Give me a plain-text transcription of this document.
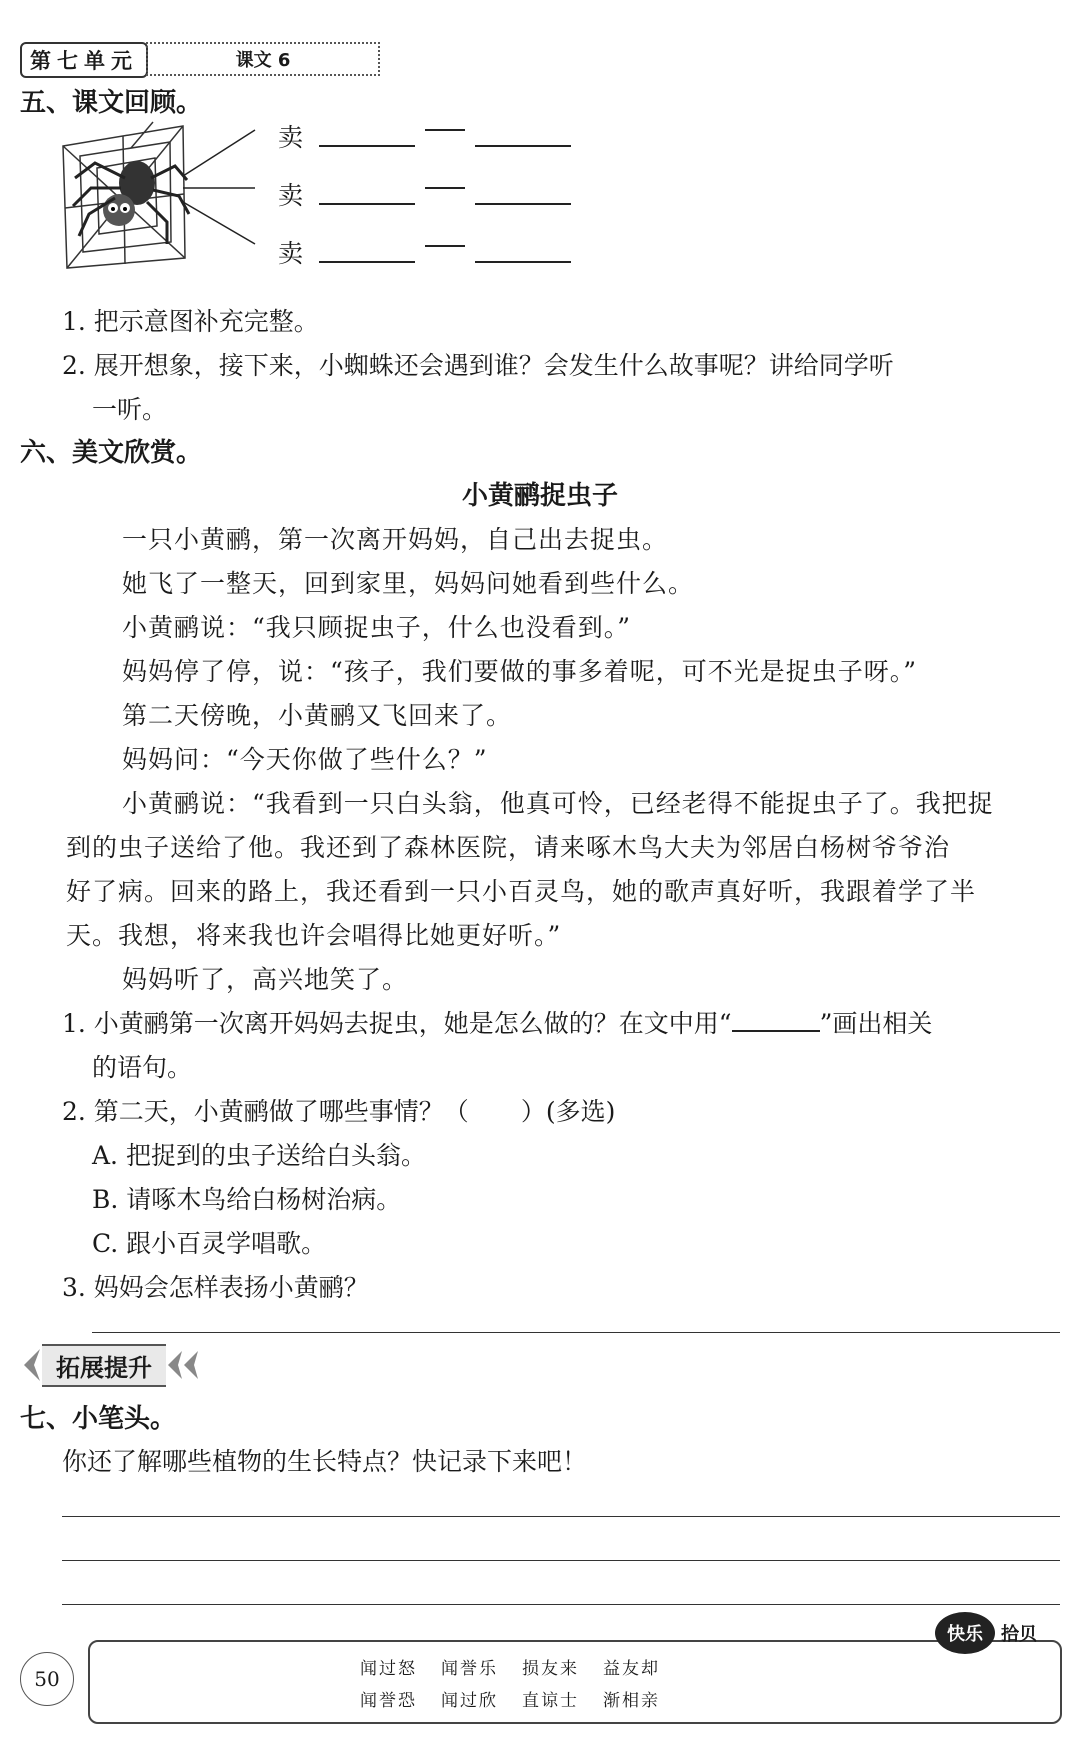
第七单元	课文 6
五、课文回顾。
卖
卖
卖
1. 把示意图补充完整。
2. 展开想象，接下来，小蜘蛛还会遇到谁？会发生什么故事呢？讲给同学听
一听。
六、美文欣赏。
小黄鹂捉虫子
一只小黄鹂，第一次离开妈妈，自己出去捉虫。
她飞了一整天，回到家里，妈妈问她看到些什么。
小黄鹂说：“我只顾捉虫子，什么也没看到。”
妈妈停了停，说：“孩子，我们要做的事多着呢，可不光是捉虫子呀。”
第二天傍晚，小黄鹂又飞回来了。
妈妈问：“今天你做了些什么？”
小黄鹂说：“我看到一只白头翁，他真可怜，已经老得不能捉虫子了。我把捉
到的虫子送给了他。我还到了森林医院，请来啄木鸟大夫为邻居白杨树爷爷治
好了病。回来的路上，我还看到一只小百灵鸟，她的歌声真好听，我跟着学了半
天。我想，将来我也许会唱得比她更好听。”
妈妈听了，高兴地笑了。
1. 小黄鹂第一次离开妈妈去捉虫，她是怎么做的？在文中用“	”画出相关
的语句。
2. 第二天，小黄鹂做了哪些事情？（ ）(多选)
A. 把捉到的虫子送给白头翁。
B. 请啄木鸟给白杨树治病。
C. 跟小百灵学唱歌。
3. 妈妈会怎样表扬小黄鹂？
拓展提升
七、小笔头。
你还了解哪些植物的生长特点？快记录下来吧！
50	闻过怒 闻誉乐 损友来 益友却
闻誉恐 闻过欣 直谅士 渐相亲
快乐	拾贝
